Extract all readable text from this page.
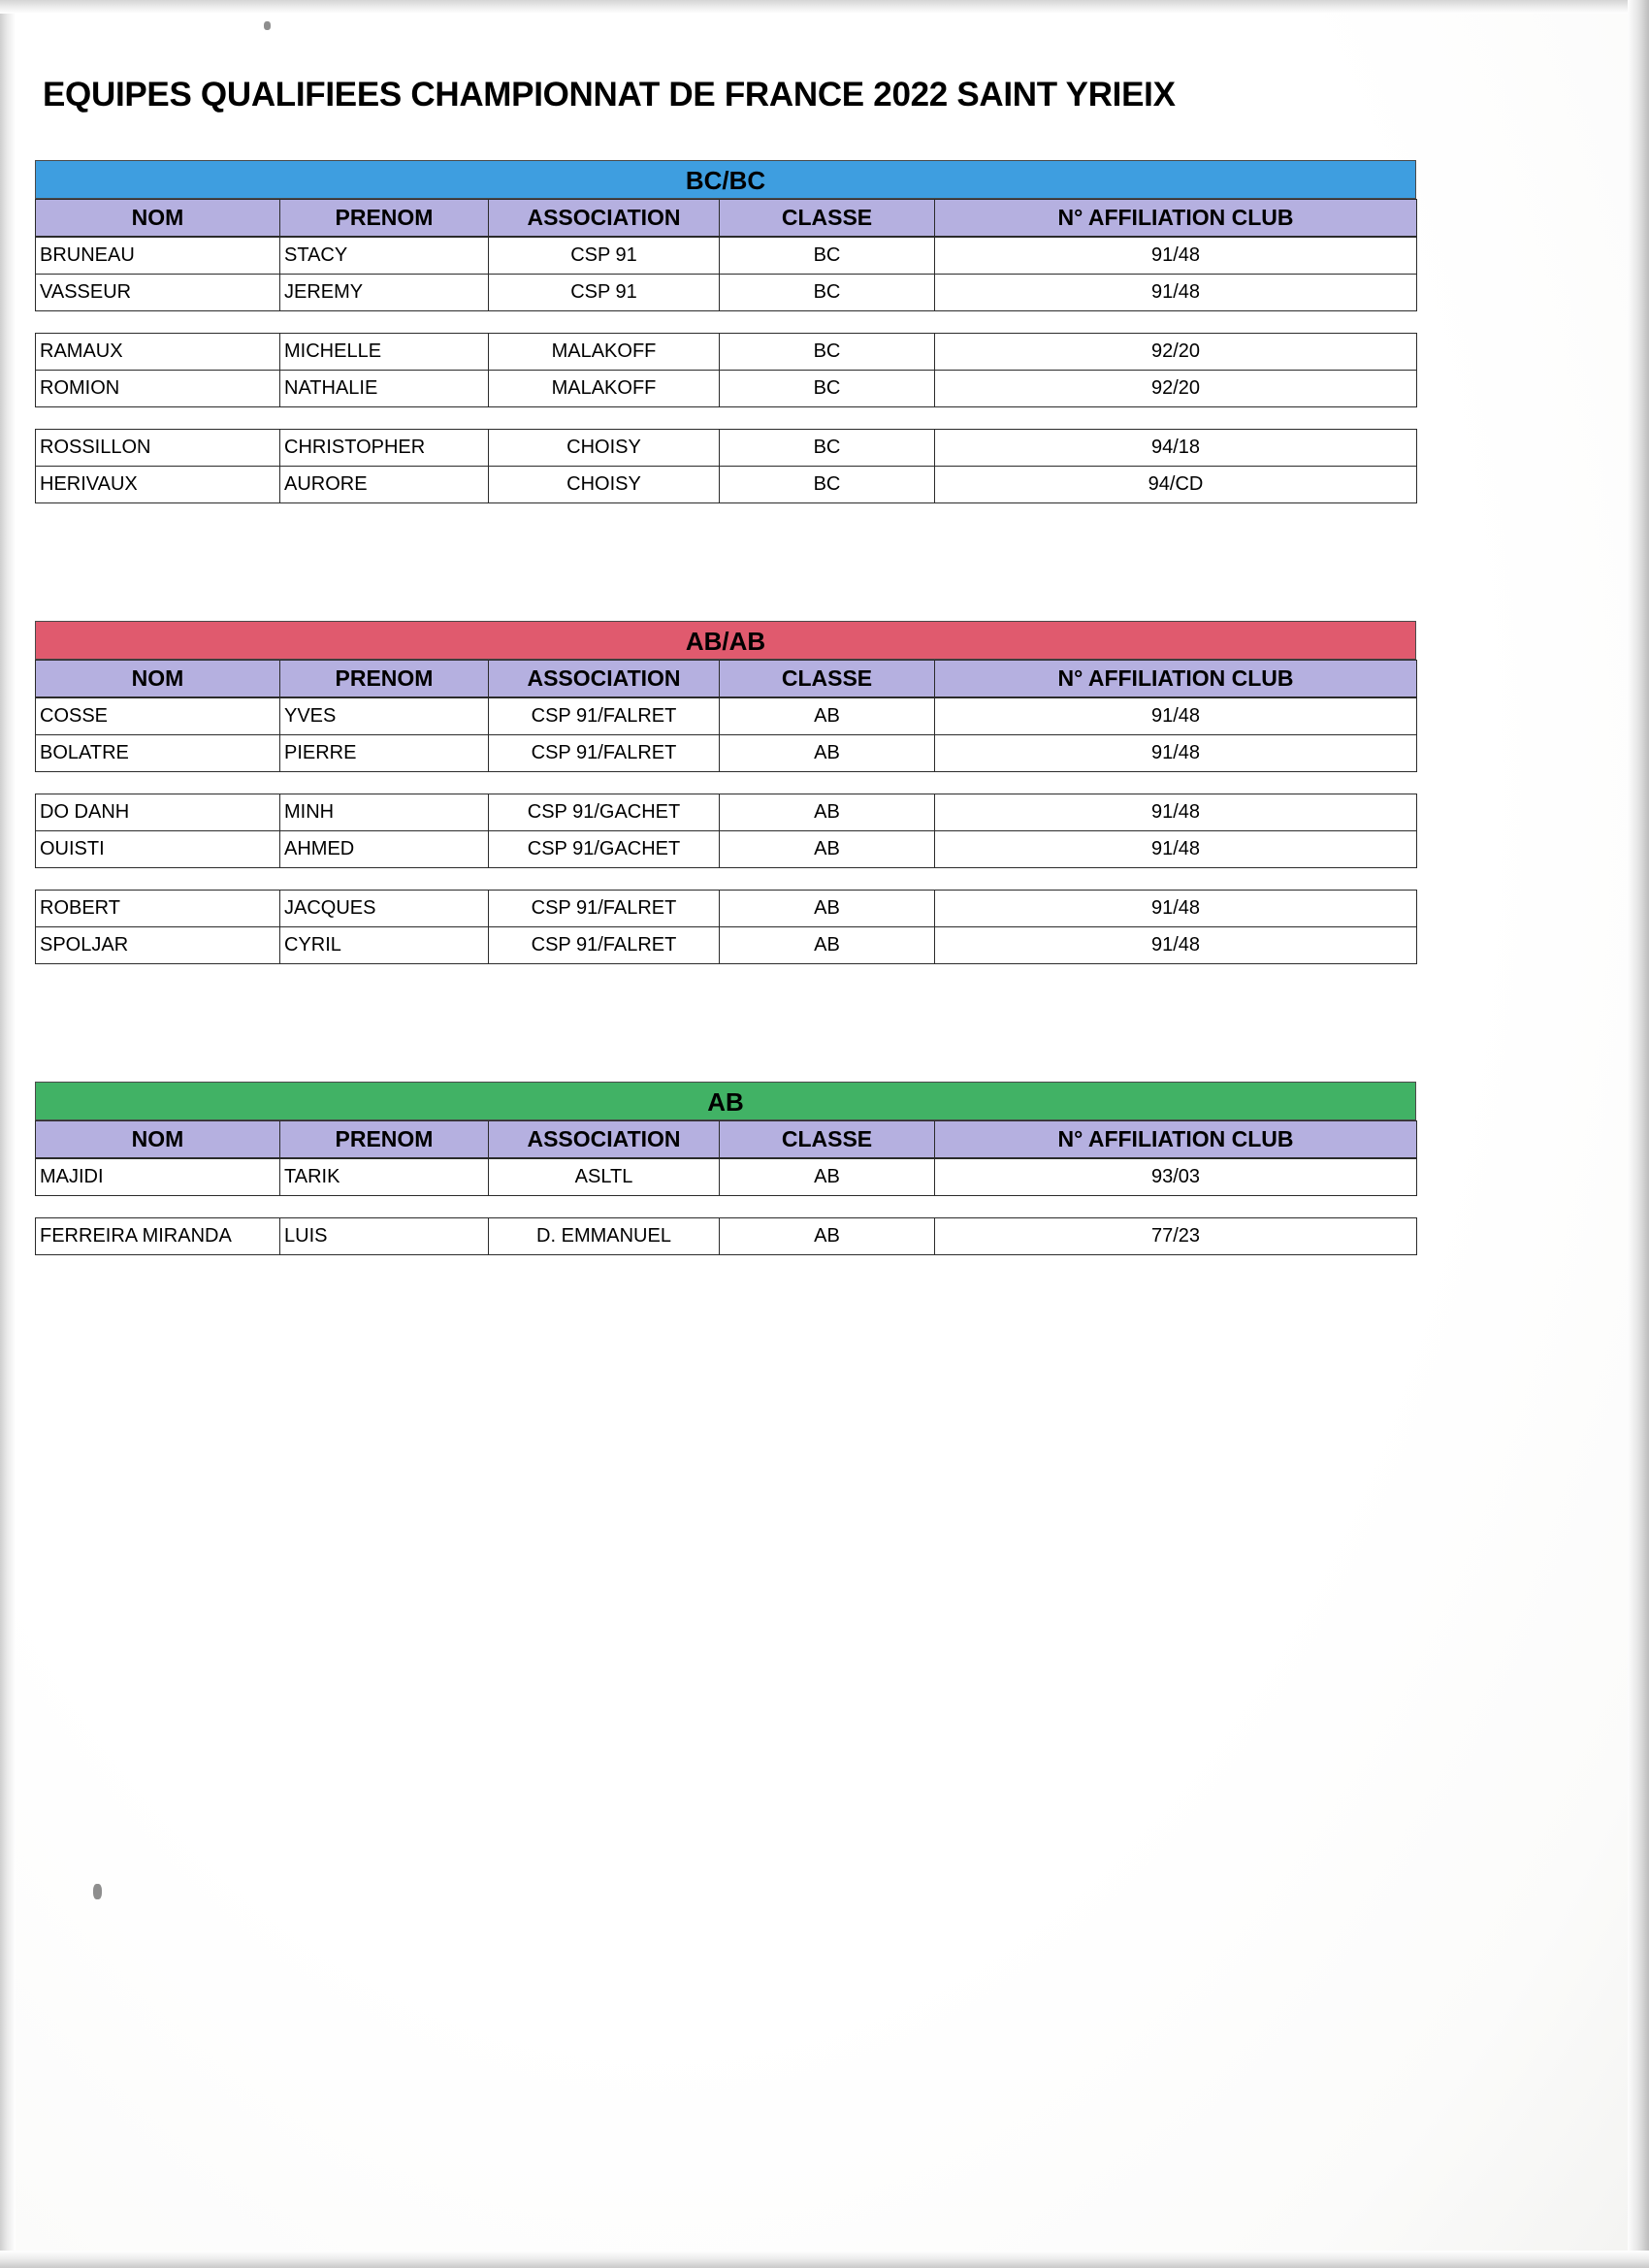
EQUIPES QUALIFIEES CHAMPIONNAT DE FRANCE 2022 SAINT YRIEIX
BC/BC
NOM	PRENOM	ASSOCIATION	CLASSE	N° AFFILIATION CLUB
BRUNEAU	STACY	CSP 91	BC	91/48
VASSEUR	JEREMY	CSP 91	BC	91/48
RAMAUX	MICHELLE	MALAKOFF	BC	92/20
ROMION	NATHALIE	MALAKOFF	BC	92/20
ROSSILLON	CHRISTOPHER	CHOISY	BC	94/18
HERIVAUX	AURORE	CHOISY	BC	94/CD
AB/AB
NOM	PRENOM	ASSOCIATION	CLASSE	N° AFFILIATION CLUB
COSSE	YVES	CSP 91/FALRET	AB	91/48
BOLATRE	PIERRE	CSP 91/FALRET	AB	91/48
DO DANH	MINH	CSP 91/GACHET	AB	91/48
OUISTI	AHMED	CSP 91/GACHET	AB	91/48
ROBERT	JACQUES	CSP 91/FALRET	AB	91/48
SPOLJAR	CYRIL	CSP 91/FALRET	AB	91/48
AB
NOM	PRENOM	ASSOCIATION	CLASSE	N° AFFILIATION CLUB
MAJIDI	TARIK	ASLTL	AB	93/03
FERREIRA MIRANDA	LUIS	D. EMMANUEL	AB	77/23
